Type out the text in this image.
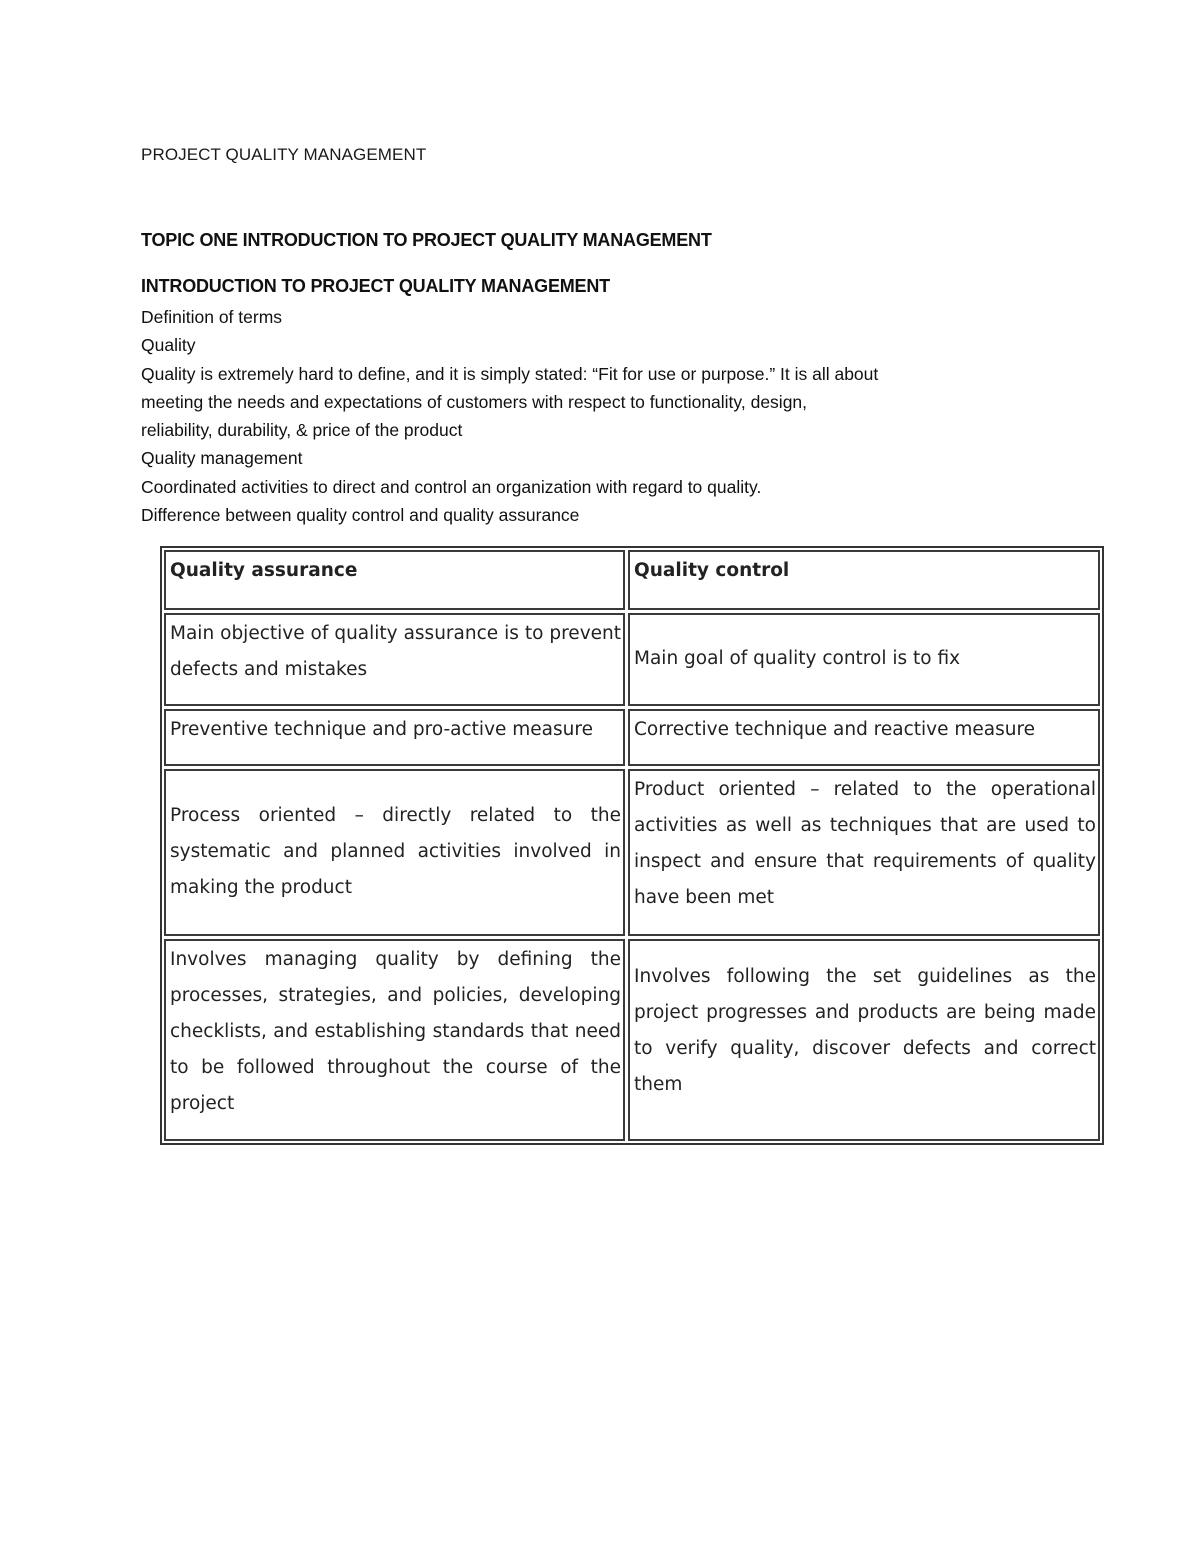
PROJECT QUALITY MANAGEMENT
TOPIC ONE INTRODUCTION TO PROJECT QUALITY MANAGEMENT
INTRODUCTION TO PROJECT QUALITY MANAGEMENT
Definition of terms
Quality
Quality is extremely hard to define, and it is simply stated: “Fit for use or purpose.” It is all about
meeting the needs and expectations of customers with respect to functionality, design,
reliability, durability, & price of the product
Quality management
Coordinated activities to direct and control an organization with regard to quality.
Difference between quality control and quality assurance
Quality assurance	Quality control
Main objective of quality assurance is to prevent defects and mistakes
Main goal of quality control is to fix
Preventive technique and pro-active measure	Corrective technique and reactive measure
Process oriented – directly related to the systematic and planned activities involved in making the product
Product oriented – related to the operational activities as well as techniques that are used to inspect and ensure that requirements of quality have been met
Involves managing quality by defining the processes, strategies, and policies, developing checklists, and establishing standards that need to be followed throughout the course of the project
Involves following the set guidelines as the project progresses and products are being made to verify quality, discover defects and correct them
